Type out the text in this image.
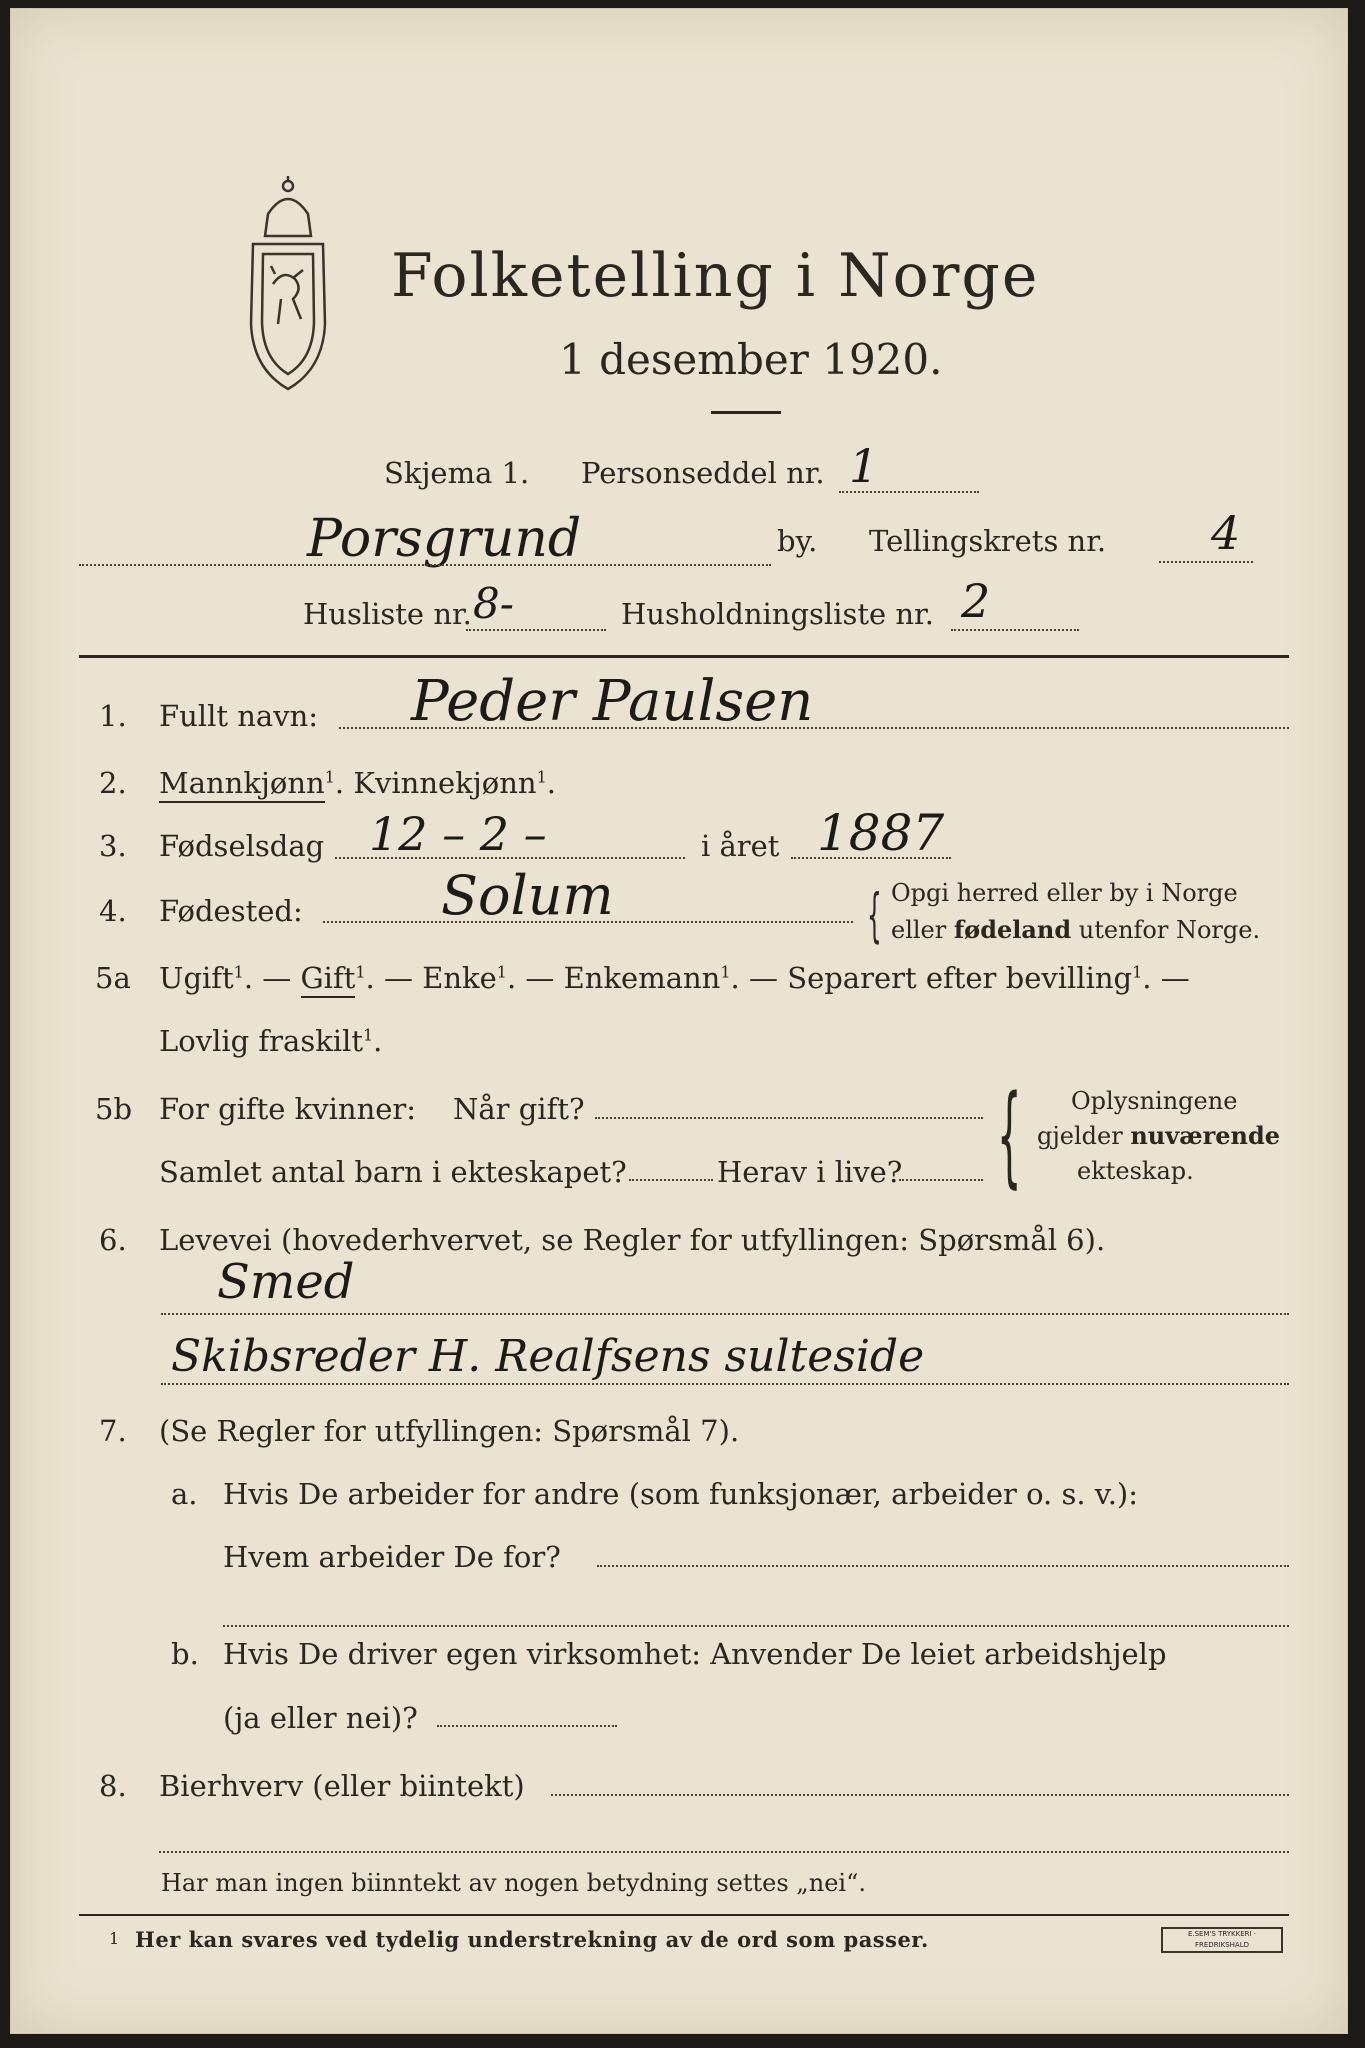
Folketelling i Norge
1 desember 1920.
Skjema 1. Personseddel nr. 1
Porsgrund	by. Tellingskrets nr. 4
Husliste nr. 8-	Husholdningsliste nr. 2
1. Fullt navn: Peder Paulsen
2. Mannkjønn$^1$. Kvinnekjønn$^1$.
3. Fødselsdag 12 – 2 –	i året 1887
4. Fødested:	Solum	{ Opgi herred eller by i Norge
eller fødeland utenfor Norge.
5a Ugift$^1$. — Gift$^1$. — Enke$^1$. — Enkemann$^1$. — Separert efter bevilling$^1$. —
Lovlig fraskilt$^1$.
5b For gifte kvinner: Når gift?
Samlet antal barn i ekteskapet?	Herav i live? { Oplysningene
gjelder nuværende
ekteskap.
6. Levevei (hovederhvervet, se Regler for utfyllingen: Spørsmål 6).
Smed
Skibsreder H. Realfsens sulteside
7. (Se Regler for utfyllingen: Spørsmål 7).
a. Hvis De arbeider for andre (som funksjonær, arbeider o. s. v.):
Hvem arbeider De for?
b. Hvis De driver egen virksomhet: Anvender De leiet arbeidshjelp
(ja eller nei)?
8. Bierhverv (eller biintekt)
Har man ingen biinntekt av nogen betydning settes „nei“.
1 Her kan svares ved tydelig understrekning av de ord som passer.	E.SEM'S TRYKKERI · FREDRIKSHALD
